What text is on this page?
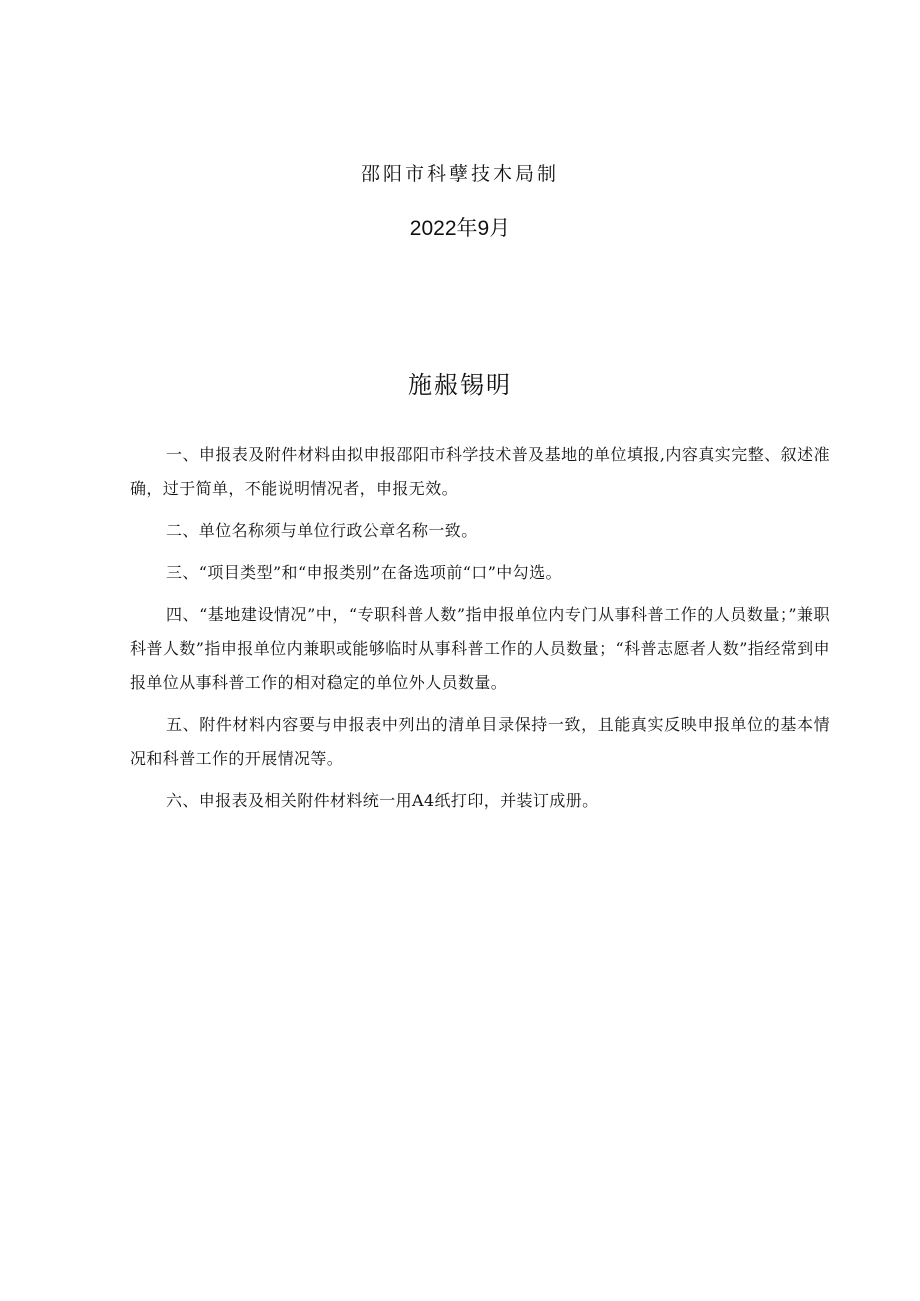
邵阳市科孽技木局制
2022年9月
施赧锡明

一、申报表及附件材料由拟申报邵阳市科学技术普及基地的单位填报,内容真实完整、叙述准确，过于简单，不能说明情况者，申报无效。

二、单位名称须与单位行政公章名称一致。

三、“项目类型”和“申报类别”在备选项前“口”中勾选。

四、“基地建设情况”中，“专职科普人数”指申报单位内专门从事科普工作的人员数量；”兼职科普人数”指申报单位内兼职或能够临时从事科普工作的人员数量；“科普志愿者人数”指经常到申报单位从事科普工作的相对稳定的单位外人员数量。

五、附件材料内容要与申报表中列出的清单目录保持一致，且能真实反映申报单位的基本情况和科普工作的开展情况等。

六、申报表及相关附件材料统一用A4纸打印，并装订成册。
